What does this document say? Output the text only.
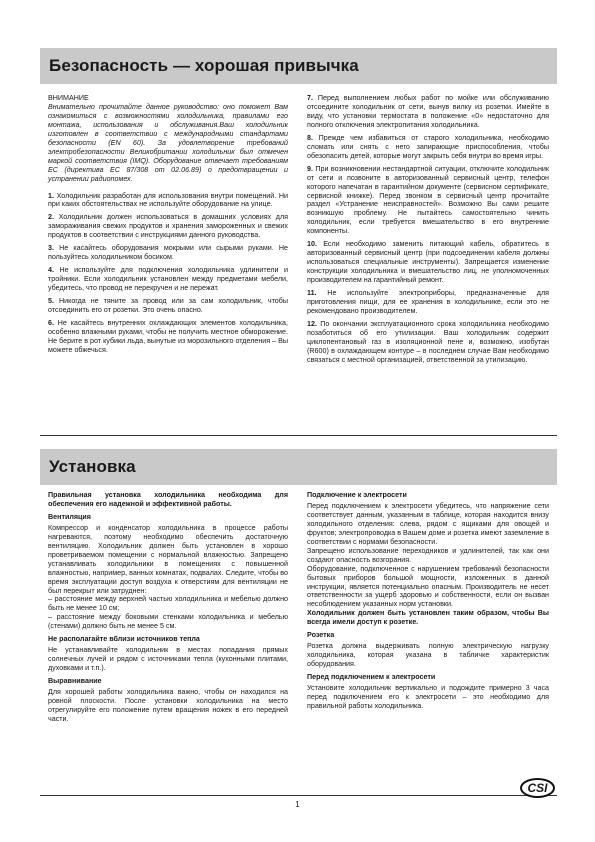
Безопасность — хорошая привычка

ВНИМАНИЕ

Внимательно прочитайте данное руководство: оно поможет Вам ознакомиться с возможностями холодильника, правилами его монтажа, использования и обслуживания.Ваш холодильник изготовлен в соответствии с международными стандартами безопасности (EN 60). За удовлетворение требований электробезопасности Великобритании холодильник был отмечен маркой соответствия (IMQ). Оборудование отвечает требованиям ЕС (директива ЕС 87/308 от 02.06.89) о предотвращении и устранении радиопомех.

1. Холодильник разработан для использования внутри помещений. Ни при каких обстоятельствах не используйте оборудование на улице.

2. Холодильник должен использоваться в домашних условиях для замораживания свежих продуктов и хранения замороженных и свежих продуктов в соответствии с инструкциями данного руководства.

3. Не касайтесь оборудования мокрыми или сырыми руками. Не пользуйтесь холодильником босиком.

4. Не используйте для подключения холодильника удлинители и тройники. Если холодильник установлен между предметами мебели, убедитесь, что провод не перекручен и не пережат.

5. Никогда не тяните за провод или за сам холодильник, чтобы отсоединить его от розетки. Это очень опасно.

6. Не касайтесь внутренних охлаждающих элементов холодильника, особенно влажными руками, чтобы не получить местное обморожение. Не берите в рот кубики льда, вынутые из морозильного отделения – Вы можете обжечься.

7. Перед выполнением любых работ по мойке или обслуживанию отсоедините холодильник от сети, вынув вилку из розетки. Имейте в виду, что установки термостата в положение «0» недостаточно для полного отключения электропитания холодильника.

8. Прежде чем избавиться от старого холодильника, необходимо сломать или снять с него запирающие приспособления, чтобы обезопасить детей, которые могут закрыть себя внутри во время игры.

9. При возникновении нестандартной ситуации, отключите холодильник от сети и позвоните в авторизованный сервисный центр, телефон которого напечатан в гарантийном документе (сервисном сертификате, сервисной книжке). Перед звонком в сервисный центр прочитайте раздел «Устранение неисправностей». Возможно Вы сами решите возникшую проблему. Не пытайтесь самостоятельно чинить холодильник, если требуется вмешательство в его внутренние компоненты.

10. Если необходимо заменить питающий кабель, обратитесь в авторизованный сервисный центр (при подсоединении кабеля должны использоваться специальные инструменты). Запрещается изменение конструкции холодильника и вмешательство лиц, не уполномоченных производителем на гарантийный ремонт.

11. Не используйте электроприборы, предназначенные для приготовления пищи, для ее хранения в холодильнике, если это не рекомендовано производителем.

12. По окончании эксплуатационного срока холодильника необходимо позаботиться об его утилизации. Ваш холодильник содержит циклопентановый газ в изоляционной пене и, возможно, изобутан (R600) в охлаждающем контуре – в последнем случае Вам необходимо связаться с местной организацией, ответственной за утилизацию.

Установка

Правильная установка холодильника необходима для обеспечения его надежной и эффективной работы.

Вентиляция

Компрессор и конденсатор холодильника в процессе работы нагреваются, поэтому необходимо обеспечить достаточную вентиляцию. Холодильник должен быть установлен в хорошо проветриваемом помещении с нормальной влажностью. Запрещено устанавливать холодильники в помещениях с повышенной влажностью, например, ванных комнатах, подвалах. Следите, чтобы во время эксплуатации доступ воздуха к отверстиям для вентиляции не был перекрыт или затруднен:

– расстояние между верхней частью холодильника и мебелью должно быть не менее 10 см;

– расстояние между боковыми стенками холодильника и мебелью (стенами) должно быть не менее 5 см.

Не располагайте вблизи источников тепла

Не устанавливайте холодильник в местах попадания прямых солнечных лучей и рядом с источниками тепла (кухонными плитами, духовками и т.п.).

Выравнивание

Для хорошей работы холодильника важно, чтобы он находился на ровной плоскости. После установки холодильника на место отрегулируйте его положение путем вращения ножек в его передней части.

Подключение к электросети

Перед подключением к электросети убедитесь, что напряжение сети соответствует данным, указанным в таблице, которая находится внизу холодильного отделения: слева, рядом с ящиками для овощей и фруктов; электропроводка в Вашем доме и розетка имеют заземление в соответствии с нормами безопасности.

Запрещено использование переходников и удлинителей, так как они создают опасность возгорания.

Оборудование, подключенное с нарушением требований безопасности бытовых приборов большой мощности, изложенных в данной инструкции, является потенциально опасным. Производитель не несет ответственности за ущерб здоровью и собственности, если он вызван несоблюдением указанных норм установки.

Холодильник должен быть установлен таким образом, чтобы Вы всегда имели доступ к розетке.

Розетка

Розетка должна выдерживать полную электрическую нагрузку холодильника, которая указана в табличке характеристик оборудования.

Перед подключением к электросети

Установите холодильник вертикально и подождите примерно 3 часа перед подключением его к электросети – это необходимо для правильной работы холодильника.

1
CSI
